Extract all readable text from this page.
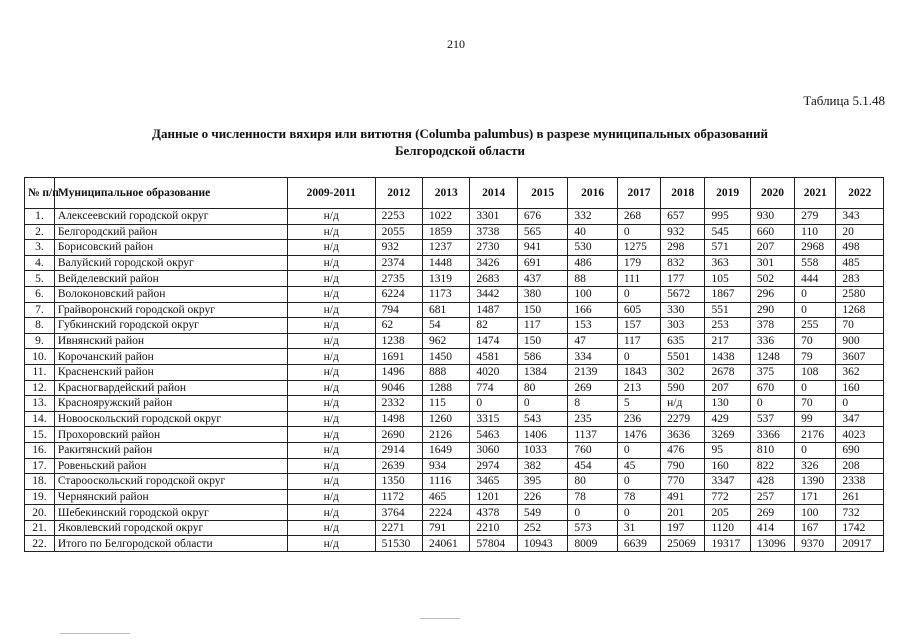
210
Таблица 5.1.48
Данные о численности вяхиря или витютня (Columba palumbus) в разрезе муниципальных образований
Белгородской области
№ п/п	Муниципальное образование	2009-2011	2012	2013	2014	2015	2016	2017	2018	2019	2020	2021	2022
1.	Алексеевский городской округ	н/д	2253	1022	3301	676	332	268	657	995	930	279	343
2.	Белгородский район	н/д	2055	1859	3738	565	40	0	932	545	660	110	20
3.	Борисовский район	н/д	932	1237	2730	941	530	1275	298	571	207	2968	498
4.	Валуйский городской округ	н/д	2374	1448	3426	691	486	179	832	363	301	558	485
5.	Вейделевский район	н/д	2735	1319	2683	437	88	111	177	105	502	444	283
6.	Волоконовский район	н/д	6224	1173	3442	380	100	0	5672	1867	296	0	2580
7.	Грайворонский городской округ	н/д	794	681	1487	150	166	605	330	551	290	0	1268
8.	Губкинский городской округ	н/д	62	54	82	117	153	157	303	253	378	255	70
9.	Ивнянский район	н/д	1238	962	1474	150	47	117	635	217	336	70	900
10.	Корочанский район	н/д	1691	1450	4581	586	334	0	5501	1438	1248	79	3607
11.	Красненский район	н/д	1496	888	4020	1384	2139	1843	302	2678	375	108	362
12.	Красногвардейский район	н/д	9046	1288	774	80	269	213	590	207	670	0	160
13.	Краснояружский район	н/д	2332	115	0	0	8	5	н/д	130	0	70	0
14.	Новооскольский городской округ	н/д	1498	1260	3315	543	235	236	2279	429	537	99	347
15.	Прохоровский район	н/д	2690	2126	5463	1406	1137	1476	3636	3269	3366	2176	4023
16.	Ракитянский район	н/д	2914	1649	3060	1033	760	0	476	95	810	0	690
17.	Ровеньский район	н/д	2639	934	2974	382	454	45	790	160	822	326	208
18.	Старооскольский городской округ	н/д	1350	1116	3465	395	80	0	770	3347	428	1390	2338
19.	Чернянский район	н/д	1172	465	1201	226	78	78	491	772	257	171	261
20.	Шебекинский городской округ	н/д	3764	2224	4378	549	0	0	201	205	269	100	732
21.	Яковлевский городской округ	н/д	2271	791	2210	252	573	31	197	1120	414	167	1742
22.	Итого по Белгородской области	н/д	51530	24061	57804	10943	8009	6639	25069	19317	13096	9370	20917
